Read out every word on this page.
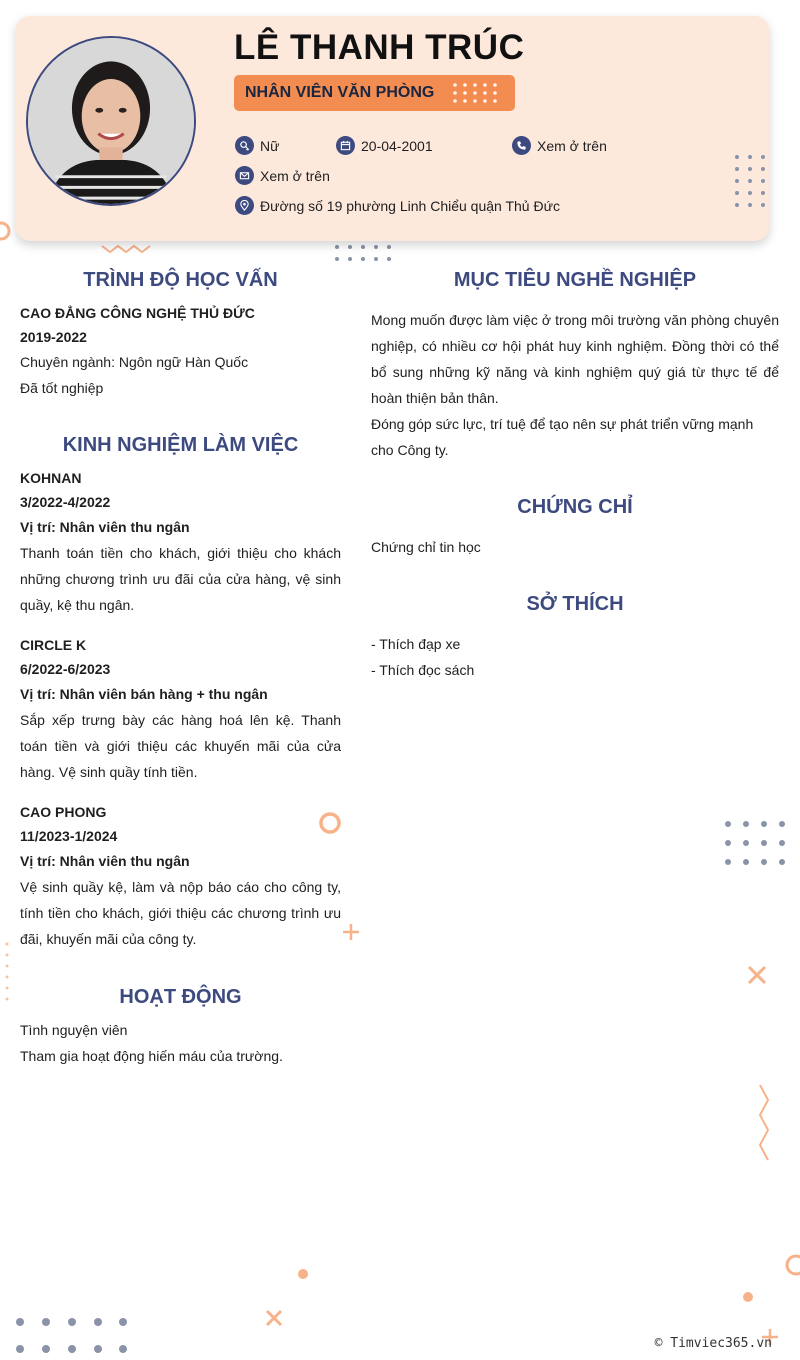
LÊ THANH TRÚC
NHÂN VIÊN VĂN PHÒNG
Nữ	20-04-2001	Xem ở trên
Xem ở trên
Đường số 19 phường Linh Chiểu quận Thủ Đức
TRÌNH ĐỘ HỌC VẤN
CAO ĐẲNG CÔNG NGHỆ THỦ ĐỨC
2019-2022
Chuyên ngành: Ngôn ngữ Hàn Quốc
Đã tốt nghiệp
KINH NGHIỆM LÀM VIỆC
KOHNAN
3/2022-4/2022
Vị trí: Nhân viên thu ngân
Thanh toán tiền cho khách, giới thiệu cho khách những chương trình ưu đãi của cửa hàng, vệ sinh quầy, kệ thu ngân.
CIRCLE K
6/2022-6/2023
Vị trí: Nhân viên bán hàng + thu ngân
Sắp xếp trưng bày các hàng hoá lên kệ. Thanh toán tiền và giới thiệu các khuyến mãi của cửa hàng. Vệ sinh quầy tính tiền.
CAO PHONG
11/2023-1/2024
Vị trí: Nhân viên thu ngân
Vệ sinh quầy kệ, làm và nộp báo cáo cho công ty, tính tiền cho khách, giới thiệu các chương trình ưu đãi, khuyến mãi của công ty.
HOẠT ĐỘNG
Tình nguyện viên
Tham gia hoạt động hiến máu của trường.
MỤC TIÊU NGHỀ NGHIỆP
Mong muốn được làm việc ở trong môi trường văn phòng chuyên nghiệp, có nhiều cơ hội phát huy kinh nghiệm. Đồng thời có thể bổ sung những kỹ năng và kinh nghiệm quý giá từ thực tế để hoàn thiện bản thân.
Đóng góp sức lực, trí tuệ để tạo nên sự phát triển vững mạnh cho Công ty.
CHỨNG CHỈ
Chứng chỉ tin học
SỞ THÍCH
- Thích đạp xe
- Thích đọc sách
© Timviec365.vn
